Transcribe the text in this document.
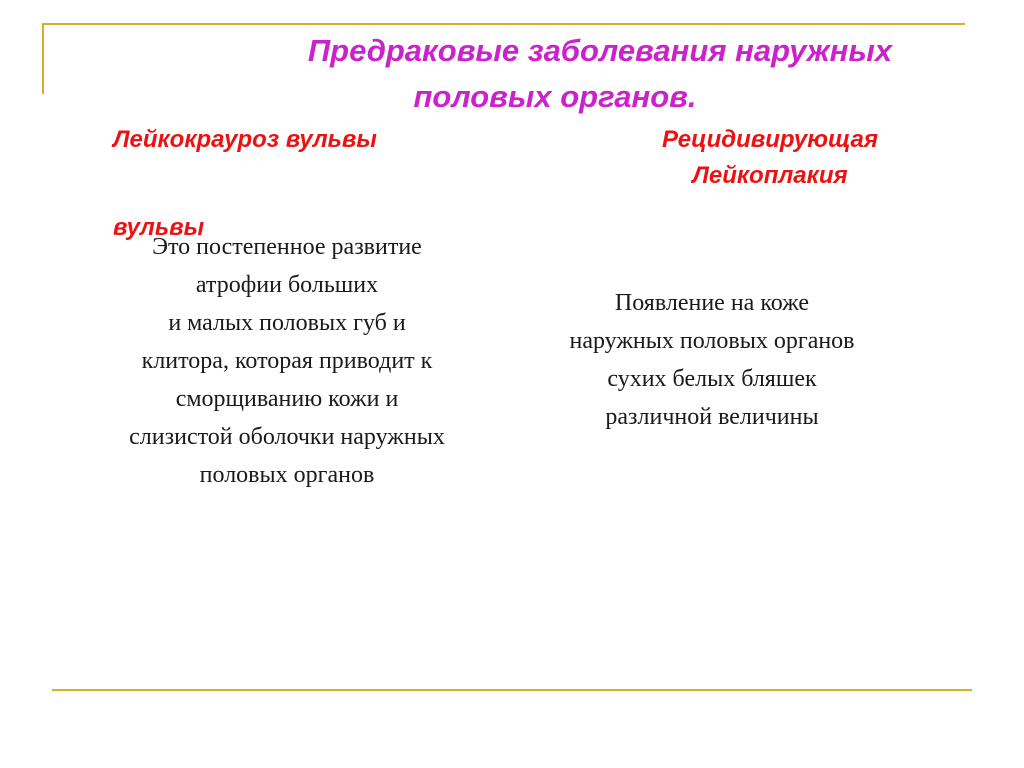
Предраковые заболевания наружных
половых органов.
Лейкокрауроз вульвы
вульвы
Рецидивирующая
Лейкоплакия
Это постепенное развитие
атрофии больших
и малых половых губ и
клитора, которая приводит к
сморщиванию кожи и
слизистой оболочки наружных
половых органов
Появление на коже
наружных половых органов
сухих белых бляшек
различной величины
